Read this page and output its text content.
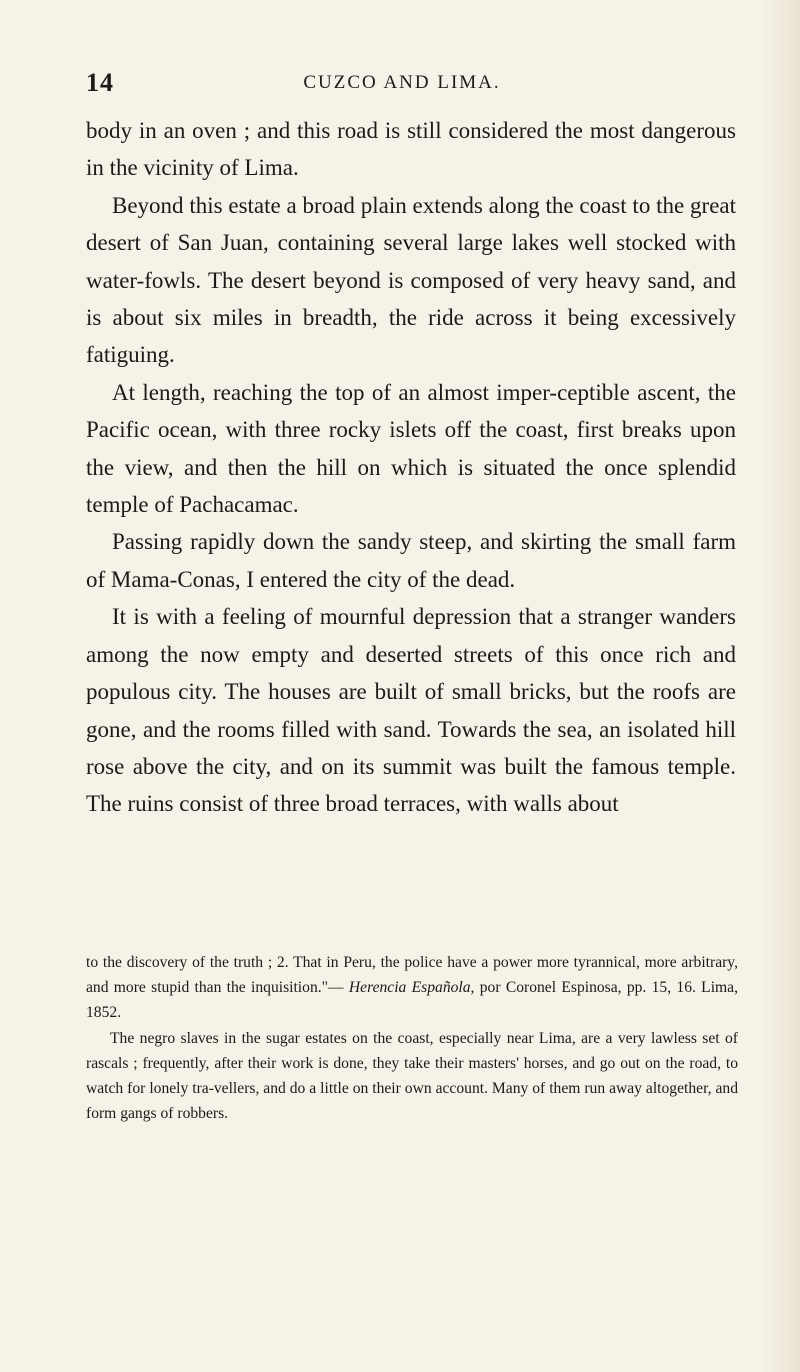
14	CUZCO AND LIMA.

body in an oven ; and this road is still considered the most dangerous in the vicinity of Lima.

Beyond this estate a broad plain extends along the coast to the great desert of San Juan, containing several large lakes well stocked with water-fowls. The desert beyond is composed of very heavy sand, and is about six miles in breadth, the ride across it being excessively fatiguing.

At length, reaching the top of an almost imper-ceptible ascent, the Pacific ocean, with three rocky islets off the coast, first breaks upon the view, and then the hill on which is situated the once splendid temple of Pachacamac.

Passing rapidly down the sandy steep, and skirting the small farm of Mama-Conas, I entered the city of the dead.

It is with a feeling of mournful depression that a stranger wanders among the now empty and deserted streets of this once rich and populous city. The houses are built of small bricks, but the roofs are gone, and the rooms filled with sand. Towards the sea, an isolated hill rose above the city, and on its summit was built the famous temple. The ruins consist of three broad terraces, with walls about

to the discovery of the truth ; 2. That in Peru, the police have a power more tyrannical, more arbitrary, and more stupid than the inquisition."— Herencia Española, por Coronel Espinosa, pp. 15, 16. Lima, 1852.

The negro slaves in the sugar estates on the coast, especially near Lima, are a very lawless set of rascals ; frequently, after their work is done, they take their masters' horses, and go out on the road, to watch for lonely tra-vellers, and do a little on their own account. Many of them run away altogether, and form gangs of robbers.
